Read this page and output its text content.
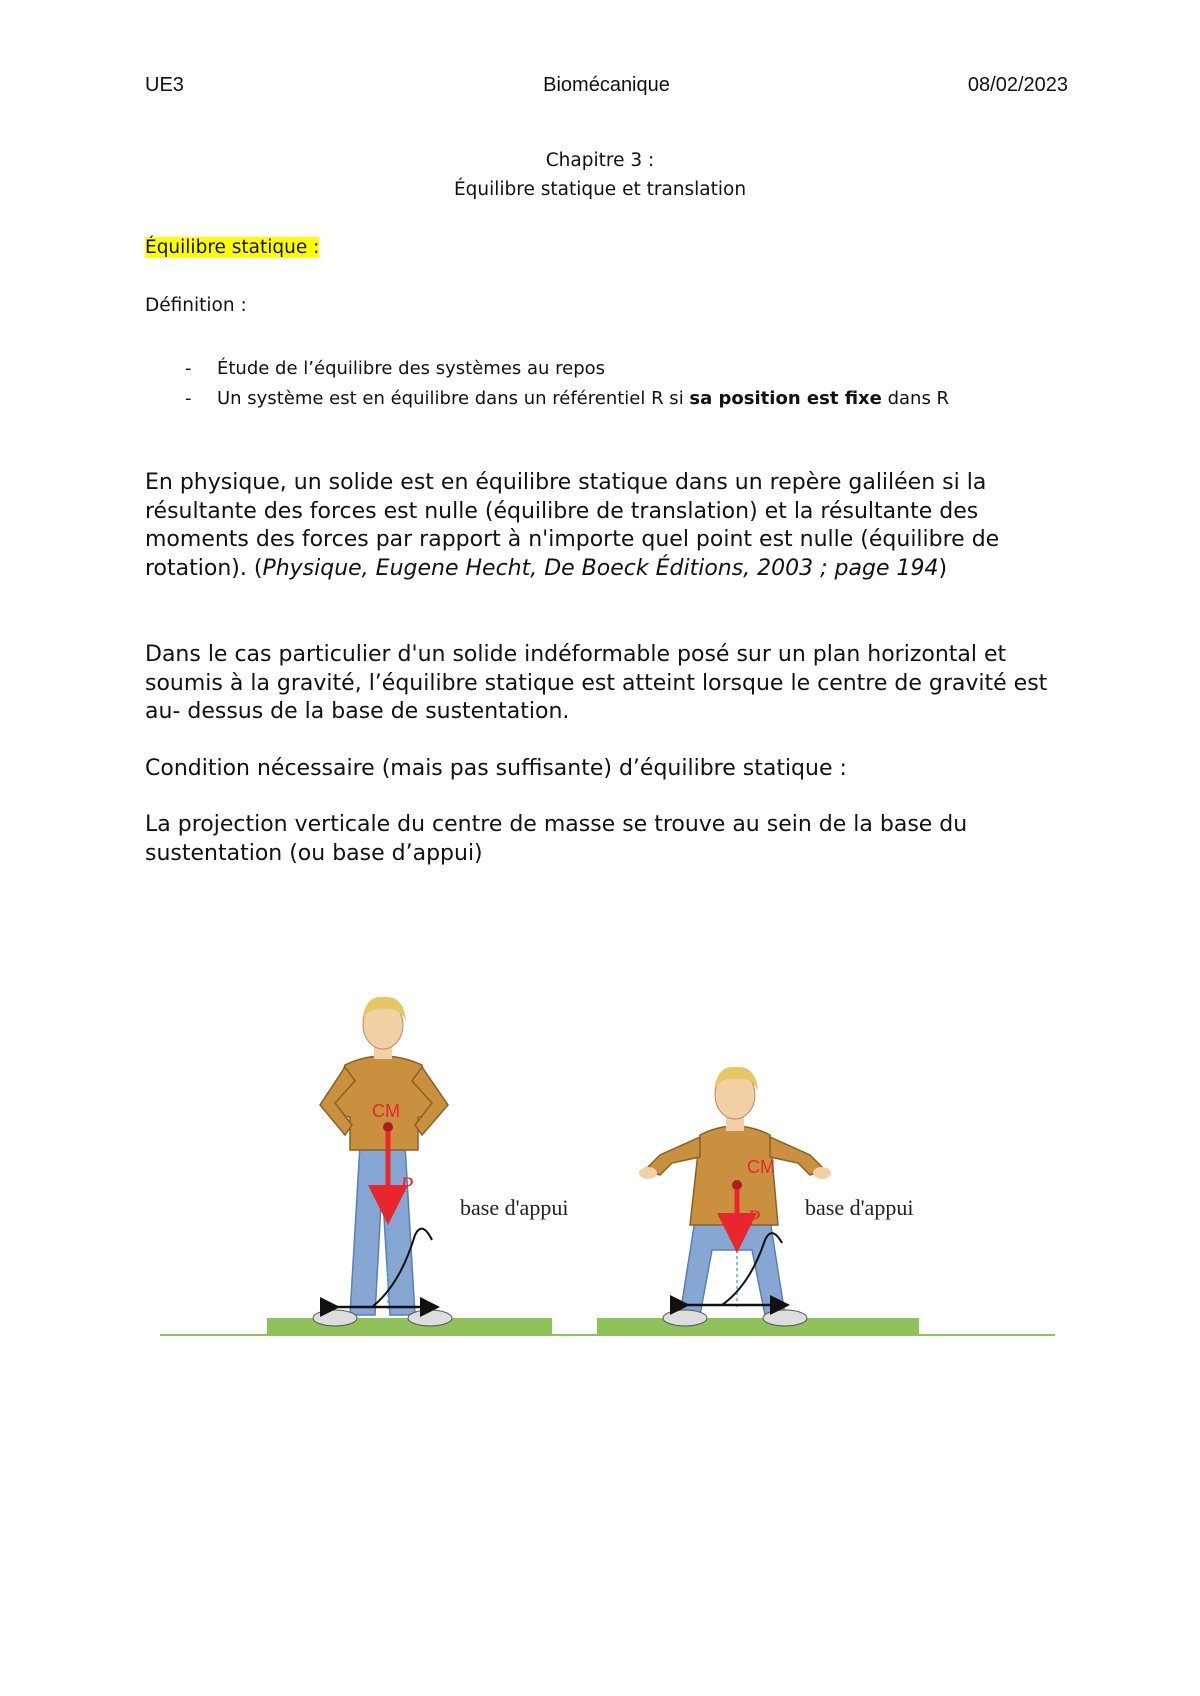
UE3	Biomécanique	08/02/2023
Chapitre 3 :
Équilibre statique et translation
Équilibre statique :
Définition :
- Étude de l’équilibre des systèmes au repos
- Un système est en équilibre dans un référentiel R si sa position est fixe dans R

En physique, un solide est en équilibre statique dans un repère galiléen si la résultante des forces est nulle (équilibre de translation) et la résultante des moments des forces par rapport à n'importe quel point est nulle (équilibre de rotation). (Physique, Eugene Hecht, De Boeck Éditions, 2003 ; page 194)

Dans le cas particulier d'un solide indéformable posé sur un plan horizontal et soumis à la gravité, l’équilibre statique est atteint lorsque le centre de gravité est au- dessus de la base de sustentation.

Condition nécessaire (mais pas suffisante) d’équilibre statique :

La projection verticale du centre de masse se trouve au sein de la base du sustentation (ou base d’appui)

CM
P
base d'appui
CM
P base d'appui
